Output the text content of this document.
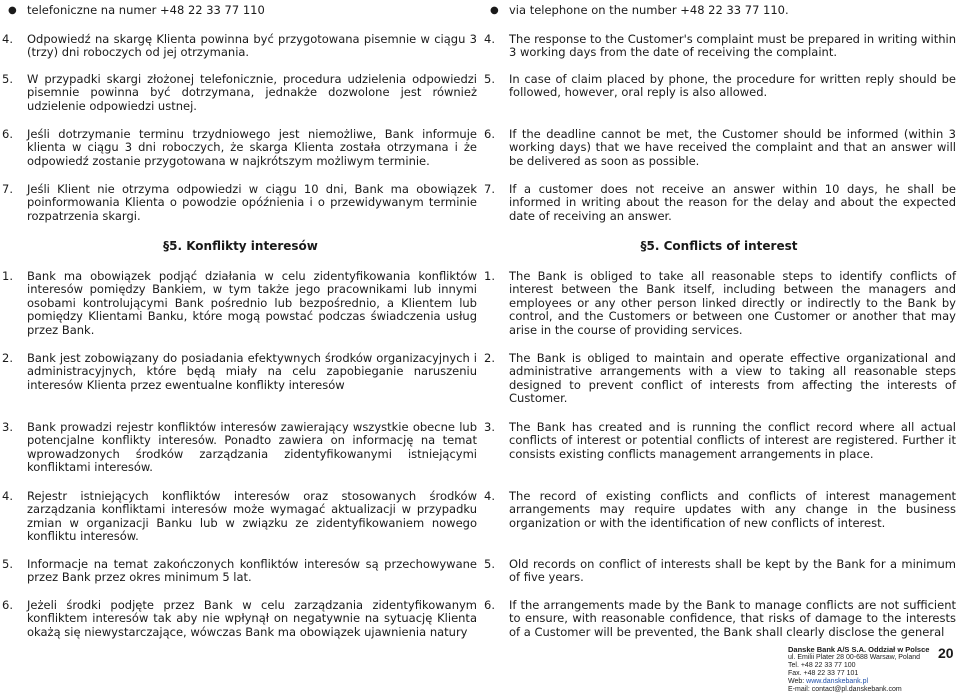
● telefoniczne na numer +48 22 33 77 110
4.	Odpowiedź na skargę Klienta powinna być przygotowana pisemnie w ciągu 3 (trzy) dni roboczych od jej otrzymania.
5.	W przypadki skargi złożonej telefonicznie, procedura udzielenia odpowiedzi pisemnie powinna być dotrzymana, jednakże dozwolone jest również udzielenie odpowiedzi ustnej.
6.	Jeśli dotrzymanie terminu trzydniowego jest niemożliwe, Bank informuje klienta w ciągu 3 dni roboczych, że skarga Klienta została otrzymana i że odpowiedź zostanie przygotowana w najkrótszym możliwym terminie.
7.	Jeśli Klient nie otrzyma odpowiedzi w ciągu 10 dni, Bank ma obowiązek poinformowania Klienta o powodzie opóźnienia i o przewidywanym terminie rozpatrzenia skargi.
§5. Konflikty interesów
1.	Bank ma obowiązek podjąć działania w celu zidentyfikowania konfliktów interesów pomiędzy Bankiem, w tym także jego pracownikami lub innymi osobami kontrolującymi Bank pośrednio lub bezpośrednio, a Klientem lub pomiędzy Klientami Banku, które mogą powstać podczas świadczenia usług przez Bank.
2.	Bank jest zobowiązany do posiadania efektywnych środków organizacyjnych i administracyjnych, które będą miały na celu zapobieganie naruszeniu interesów Klienta przez ewentualne konflikty interesów
3.	Bank prowadzi rejestr konfliktów interesów zawierający wszystkie obecne lub potencjalne konflikty interesów. Ponadto zawiera on informację na temat wprowadzonych środków zarządzania zidentyfikowanymi istniejącymi konfliktami interesów.
4.	Rejestr istniejących konfliktów interesów oraz stosowanych środków zarządzania konfliktami interesów może wymagać aktualizacji w przypadku zmian w organizacji Banku lub w związku ze zidentyfikowaniem nowego konfliktu interesów.
5.	Informacje na temat zakończonych konfliktów interesów są przechowywane przez Bank przez okres minimum 5 lat.
6.	Jeżeli środki podjęte przez Bank w celu zarządzania zidentyfikowanym konfliktem interesów tak aby nie wpłynął on negatywnie na sytuację Klienta okażą się niewystarczające, wówczas Bank ma obowiązek ujawnienia natury
● via telephone on the number +48 22 33 77 110.
4.	The response to the Customer's complaint must be prepared in writing within 3 working days from the date of receiving the complaint.
5.	In case of claim placed by phone, the procedure for written reply should be followed, however, oral reply is also allowed.
6.	If the deadline cannot be met, the Customer should be informed (within 3 working days) that we have received the complaint and that an answer will be delivered as soon as possible.
7.	If a customer does not receive an answer within 10 days, he shall be informed in writing about the reason for the delay and about the expected date of receiving an answer.
§5. Conflicts of interest
1.	The Bank is obliged to take all reasonable steps to identify conflicts of interest between the Bank itself, including between the managers and employees or any other person linked directly or indirectly to the Bank by control, and the Customers or between one Customer or another that may arise in the course of providing services.
2.	The Bank is obliged to maintain and operate effective organizational and administrative arrangements with a view to taking all reasonable steps designed to prevent conflict of interests from affecting the interests of Customer.
3.	The Bank has created and is running the conflict record where all actual conflicts of interest or potential conflicts of interest are registered. Further it consists existing conflicts management arrangements in place.
4.	The record of existing conflicts and conflicts of interest management arrangements may require updates with any change in the business organization or with the identification of new conflicts of interest.
5.	Old records on conflict of interests shall be kept by the Bank for a minimum of five years.
6.	If the arrangements made by the Bank to manage conflicts are not sufficient to ensure, with reasonable confidence, that risks of damage to the interests of a Customer will be prevented, the Bank shall clearly disclose the general
Danske Bank A/S S.A. Oddział w Polsce
ul. Emilii Plater 28 00-688 Warsaw, Poland
Tel. +48 22 33 77 100
Fax. +48 22 33 77 101
Web: www.danskebank.pl
E-mail: contact@pl.danskebank.com
20
